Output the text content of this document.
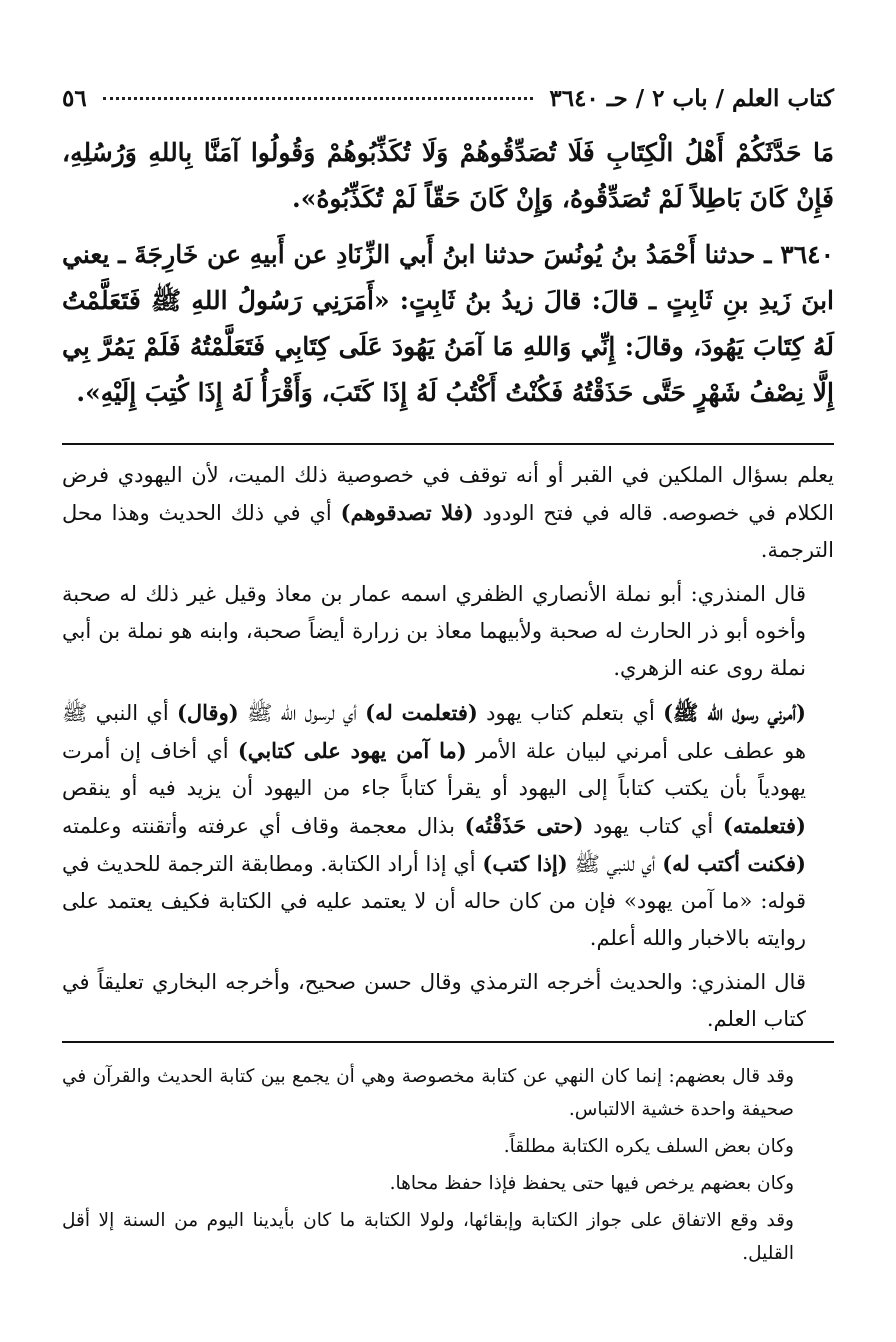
٥٦	كتاب العلم / باب ٢ / حـ ٣٦٤٠

مَا حَدَّثَكُمْ أَهْلُ الْكِتَابِ فَلَا تُصَدِّقُوهُمْ وَلَا تُكَذِّبُوهُمْ وَقُولُوا آمَنَّا بِاللهِ وَرُسُلِهِ، فَإِنْ كَانَ بَاطِلاً لَمْ تُصَدِّقُوهُ، وَإِنْ كَانَ حَقّاً لَمْ تُكَذِّبُوهُ».

٣٦٤٠ ـ حدثنا أَحْمَدُ بنُ يُونُسَ حدثنا ابنُ أَبي الزِّنَادِ عن أَبيهِ عن خَارِجَةَ ـ يعني ابنَ زَيدِ بنِ ثَابِتٍ ـ قالَ: قالَ زيدُ بنُ ثَابِتٍ: «أَمَرَنِي رَسُولُ اللهِ ﷺ فَتَعَلَّمْتُ لَهُ كِتَابَ يَهُودَ، وقالَ: إِنِّي وَاللهِ مَا آمَنُ يَهُودَ عَلَى كِتَابِي فَتَعَلَّمْتُهُ فَلَمْ يَمُرَّ بِي إِلَّا نِصْفُ شَهْرٍ حَتَّى حَذَقْتُهُ فَكُنْتُ أَكْتُبُ لَهُ إِذَا كَتَبَ، وَأَقْرَأُ لَهُ إِذَا كُتِبَ إِلَيْهِ».

يعلم بسؤال الملكين في القبر أو أنه توقف في خصوصية ذلك الميت، لأن اليهودي فرض الكلام في خصوصه. قاله في فتح الودود (فلا تصدقوهم) أي في ذلك الحديث وهذا محل الترجمة.

قال المنذري: أبو نملة الأنصاري الظفري اسمه عمار بن معاذ وقيل غير ذلك له صحبة وأخوه أبو ذر الحارث له صحبة ولأبيهما معاذ بن زرارة أيضاً صحبة، وابنه هو نملة بن أبي نملة روى عنه الزهري.

(أمرني رسول الله ﷺ) أي بتعلم كتاب يهود (فتعلمت له) أي لرسول الله ﷺ (وقال) أي النبي ﷺ هو عطف على أمرني لبيان علة الأمر (ما آمن يهود على كتابي) أي أخاف إن أمرت يهودياً بأن يكتب كتاباً إلى اليهود أو يقرأ كتاباً جاء من اليهود أن يزيد فيه أو ينقص (فتعلمته) أي كتاب يهود (حتى حَذَقْتُه) بذال معجمة وقاف أي عرفته وأتقنته وعلمته (فكنت أكتب له) أي للنبي ﷺ (إذا كتب) أي إذا أراد الكتابة. ومطابقة الترجمة للحديث في قوله: «ما آمن يهود» فإن من كان حاله أن لا يعتمد عليه في الكتابة فكيف يعتمد على روايته بالاخبار والله أعلم.

قال المنذري: والحديث أخرجه الترمذي وقال حسن صحيح، وأخرجه البخاري تعليقاً في كتاب العلم.

وقد قال بعضهم: إنما كان النهي عن كتابة مخصوصة وهي أن يجمع بين كتابة الحديث والقرآن في صحيفة واحدة خشية الالتباس.

وكان بعض السلف يكره الكتابة مطلقاً.

وكان بعضهم يرخص فيها حتى يحفظ فإذا حفظ محاها.

وقد وقع الاتفاق على جواز الكتابة وإبقائها، ولولا الكتابة ما كان بأيدينا اليوم من السنة إلا أقل القليل.
